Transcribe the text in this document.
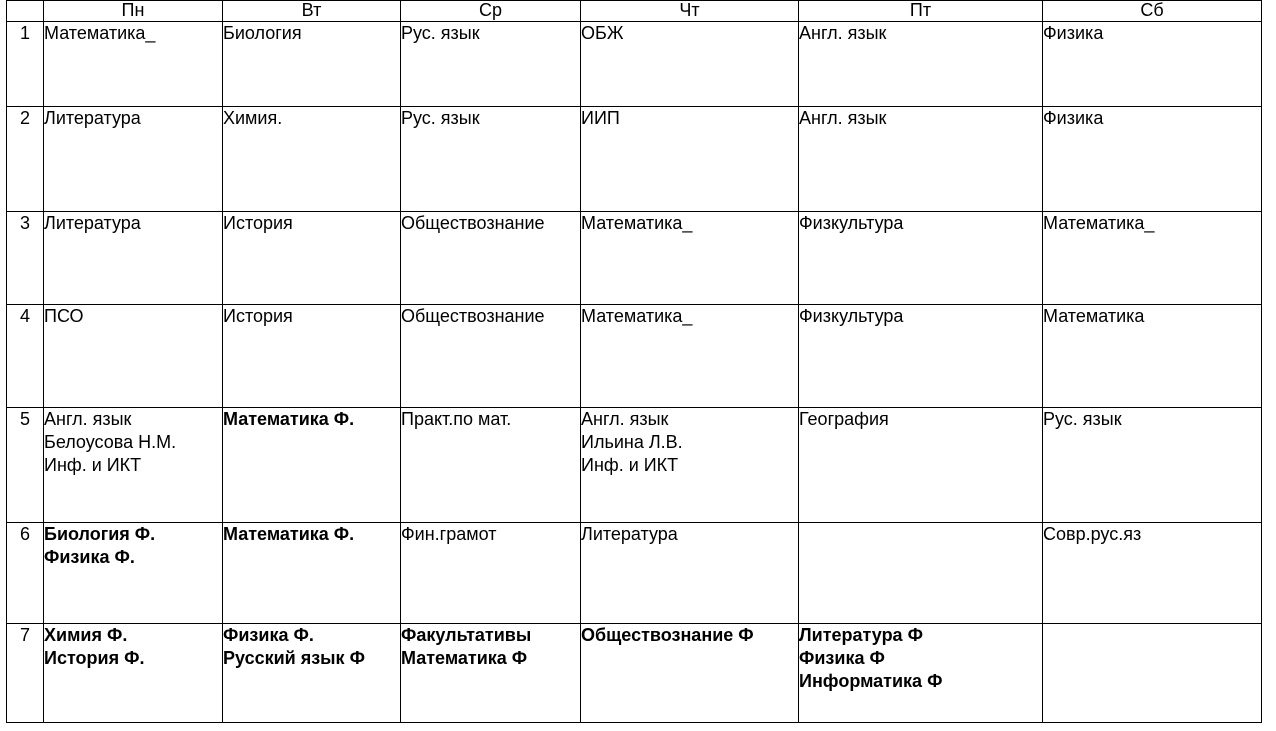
	Пн	Вт	Ср	Чт	Пт	Сб
1	Математика_	Биология	Рус. язык	ОБЖ	Англ. язык	Физика

2	Литература	Химия.	Рус. язык	ИИП	Англ. язык	Физика

3	Литература	История	Обществознание	Математика_	Физкультура	Математика_

4	ПСО	История	Обществознание	Математика_	Физкультура	Математика

5	Англ. язык
Белоусова Н.М.
Инф. и ИКТ	Математика Ф.	Практ.по мат.	Англ. язык
Ильина Л.В.
Инф. и ИКТ	География	Рус. язык

6	Биология Ф.
Физика Ф.	Математика Ф.	Фин.грамот	Литература		Совр.рус.яз

7	Химия Ф.
История Ф.	Физика Ф.
Русский язык Ф	Факультативы
Математика Ф	Обществознание Ф	Литература Ф
Физика Ф
Информатика Ф	
